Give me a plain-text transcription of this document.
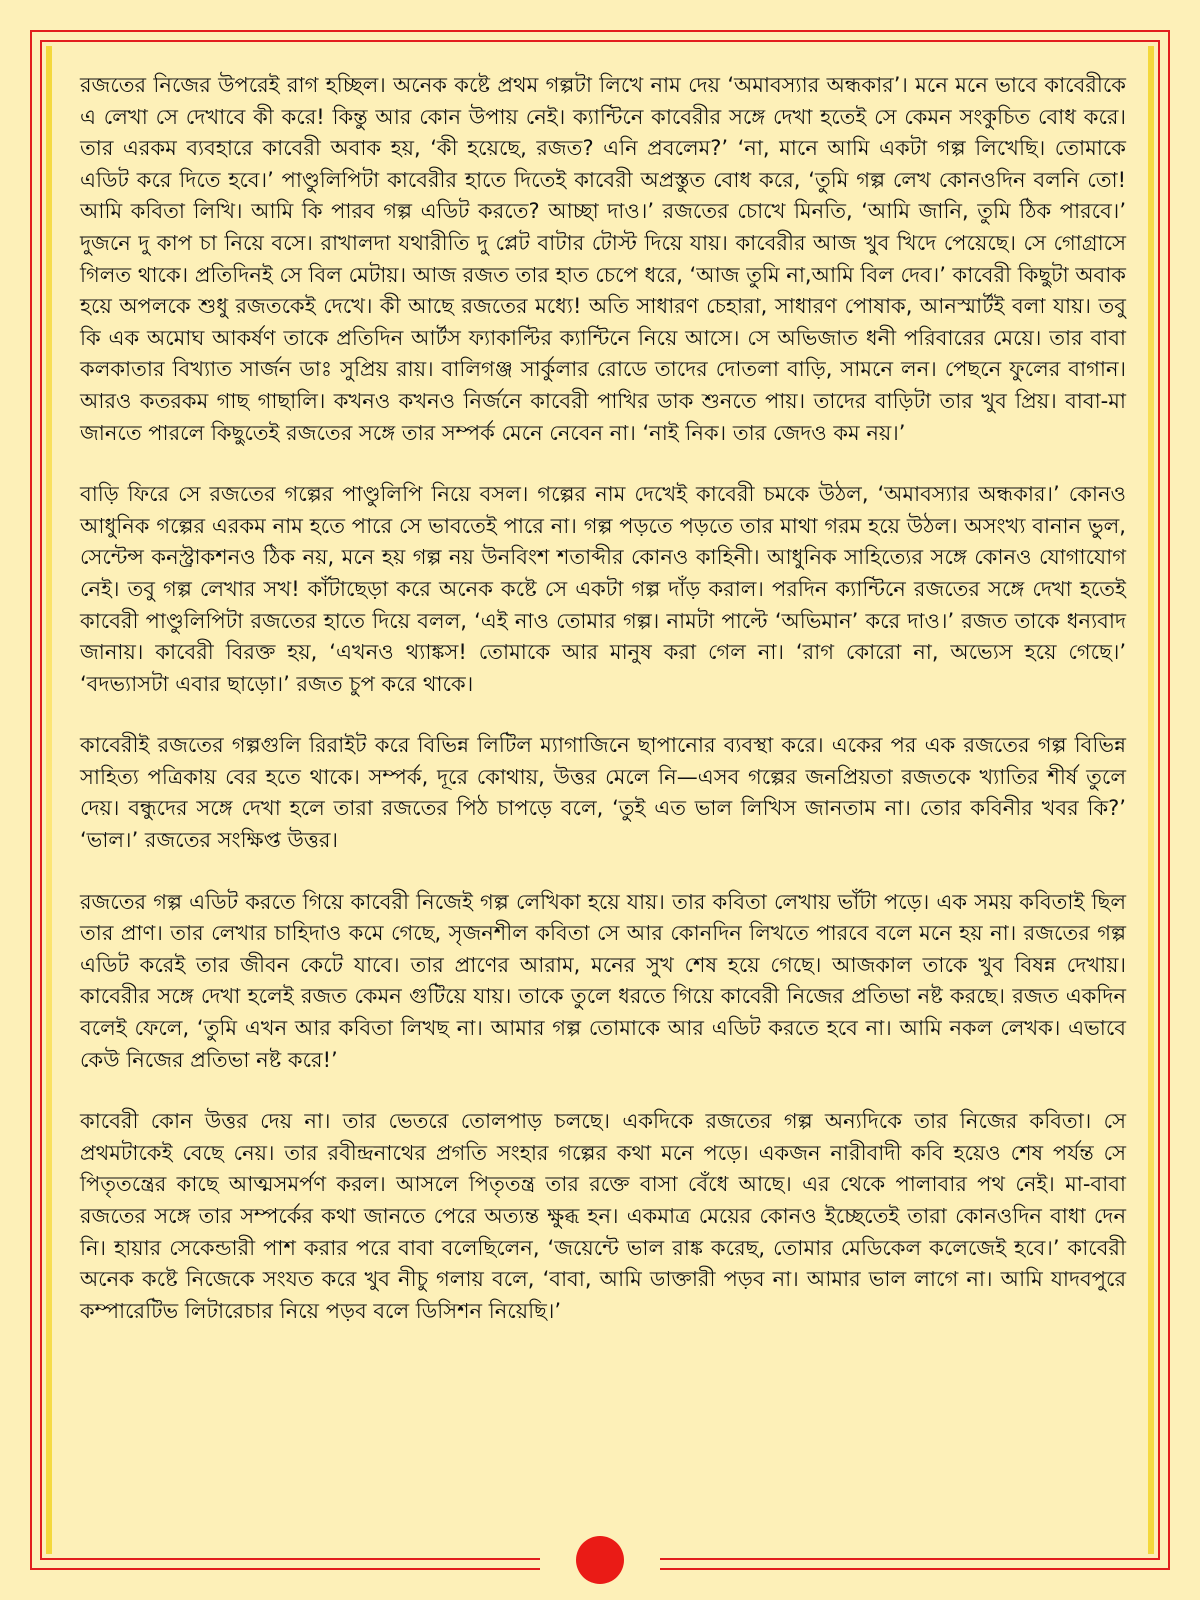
রজতের নিজের উপরেই রাগ হচ্ছিল। অনেক কষ্টে প্রথম গল্পটা লিখে নাম দেয় ‘অমাবস্যার অন্ধকার’। মনে মনে ভাবে কাবেরীকে এ লেখা সে দেখাবে কী করে! কিন্তু আর কোন উপায় নেই। ক্যান্টিনে কাবেরীর সঙ্গে দেখা হতেই সে কেমন সংকুচিত বোধ করে। তার এরকম ব্যবহারে কাবেরী অবাক হয়, ‘কী হয়েছে, রজত? এনি প্রবলেম?’ ‘না, মানে আমি একটা গল্প লিখেছি। তোমাকে এডিট করে দিতে হবে।’ পাণ্ডুলিপিটা কাবেরীর হাতে দিতেই কাবেরী অপ্রস্তুত বোধ করে, ‘তুমি গল্প লেখ কোনওদিন বলনি তো! আমি কবিতা লিখি। আমি কি পারব গল্প এডিট করতে? আচ্ছা দাও।’ রজতের চোখে মিনতি, ‘আমি জানি, তুমি ঠিক পারবে।’ দুজনে দু কাপ চা নিয়ে বসে। রাখালদা যথারীতি দু প্লেট বাটার টোস্ট দিয়ে যায়। কাবেরীর আজ খুব খিদে পেয়েছে। সে গোগ্রাসে গিলত থাকে। প্রতিদিনই সে বিল মেটায়। আজ রজত তার হাত চেপে ধরে, ‘আজ তুমি না,আমি বিল দেব।’ কাবেরী কিছুটা অবাক হয়ে অপলকে শুধু রজতকেই দেখে। কী আছে রজতের মধ্যে! অতি সাধারণ চেহারা, সাধারণ পোষাক, আনস্মার্টই বলা যায়। তবু কি এক অমোঘ আকর্ষণ তাকে প্রতিদিন আর্টস ফ্যাকাল্টির ক্যান্টিনে নিয়ে আসে। সে অভিজাত ধনী পরিবারের মেয়ে। তার বাবা কলকাতার বিখ্যাত সার্জন ডাঃ সুপ্রিয় রায়। বালিগঞ্জ সার্কুলার রোডে তাদের দোতলা বাড়ি, সামনে লন। পেছনে ফুলের বাগান। আরও কতরকম গাছ গাছালি। কখনও কখনও নির্জনে কাবেরী পাখির ডাক শুনতে পায়। তাদের বাড়িটা তার খুব প্রিয়। বাবা-মা জানতে পারলে কিছুতেই রজতের সঙ্গে তার সম্পর্ক মেনে নেবেন না। ‘নাই নিক। তার জেদও কম নয়।’

বাড়ি ফিরে সে রজতের গল্পের পাণ্ডুলিপি নিয়ে বসল। গল্পের নাম দেখেই কাবেরী চমকে উঠল, ‘অমাবস্যার অন্ধকার।’ কোনও আধুনিক গল্পের এরকম নাম হতে পারে সে ভাবতেই পারে না। গল্প পড়তে পড়তে তার মাথা গরম হয়ে উঠল। অসংখ্য বানান ভুল, সেন্টেন্স কনস্ট্রাকশনও ঠিক নয়, মনে হয় গল্প নয় উনবিংশ শতাব্দীর কোনও কাহিনী। আধুনিক সাহিত্যের সঙ্গে কোনও যোগাযোগ নেই। তবু গল্প লেখার সখ! কাঁটাছেড়া করে অনেক কষ্টে সে একটা গল্প দাঁড় করাল। পরদিন ক্যান্টিনে রজতের সঙ্গে দেখা হতেই কাবেরী পাণ্ডুলিপিটা রজতের হাতে দিয়ে বলল, ‘এই নাও তোমার গল্প। নামটা পাল্টে ‘অভিমান’ করে দাও।’ রজত তাকে ধন্যবাদ জানায়। কাবেরী বিরক্ত হয়, ‘এখনও থ্যাঙ্কস! তোমাকে আর মানুষ করা গেল না। ‘রাগ কোরো না, অভ্যেস হয়ে গেছে।’ ‘বদভ্যাসটা এবার ছাড়ো।’ রজত চুপ করে থাকে।

কাবেরীই রজতের গল্পগুলি রিরাইট করে বিভিন্ন লিটিল ম্যাগাজিনে ছাপানোর ব্যবস্থা করে। একের পর এক রজতের গল্প বিভিন্ন সাহিত্য পত্রিকায় বের হতে থাকে। সম্পর্ক, দূরে কোথায়, উত্তর মেলে নি—এসব গল্পের জনপ্রিয়তা রজতকে খ্যাতির শীর্ষ তুলে দেয়। বন্ধুদের সঙ্গে দেখা হলে তারা রজতের পিঠ চাপড়ে বলে, ‘তুই এত ভাল লিখিস জানতাম না। তোর কবিনীর খবর কি?’ ‘ভাল।’ রজতের সংক্ষিপ্ত উত্তর।

রজতের গল্প এডিট করতে গিয়ে কাবেরী নিজেই গল্প লেখিকা হয়ে যায়। তার কবিতা লেখায় ভাঁটা পড়ে। এক সময় কবিতাই ছিল তার প্রাণ। তার লেখার চাহিদাও কমে গেছে, সৃজনশীল কবিতা সে আর কোনদিন লিখতে পারবে বলে মনে হয় না। রজতের গল্প এডিট করেই তার জীবন কেটে যাবে। তার প্রাণের আরাম, মনের সুখ শেষ হয়ে গেছে। আজকাল তাকে খুব বিষন্ন দেখায়। কাবেরীর সঙ্গে দেখা হলেই রজত কেমন গুটিয়ে যায়। তাকে তুলে ধরতে গিয়ে কাবেরী নিজের প্রতিভা নষ্ট করছে। রজত একদিন বলেই ফেলে, ‘তুমি এখন আর কবিতা লিখছ না। আমার গল্প তোমাকে আর এডিট করতে হবে না। আমি নকল লেখক। এভাবে কেউ নিজের প্রতিভা নষ্ট করে!’

কাবেরী কোন উত্তর দেয় না। তার ভেতরে তোলপাড় চলছে। একদিকে রজতের গল্প অন্যদিকে তার নিজের কবিতা। সে প্রথমটাকেই বেছে নেয়। তার রবীন্দ্রনাথের প্রগতি সংহার গল্পের কথা মনে পড়ে। একজন নারীবাদী কবি হয়েও শেষ পর্যন্ত সে পিতৃতন্ত্রের কাছে আত্মসমর্পণ করল। আসলে পিতৃতন্ত্র তার রক্তে বাসা বেঁধে আছে। এর থেকে পালাবার পথ নেই। মা-বাবা রজতের সঙ্গে তার সম্পর্কের কথা জানতে পেরে অত্যন্ত ক্ষুব্ধ হন। একমাত্র মেয়ের কোনও ইচ্ছেতেই তারা কোনওদিন বাধা দেন নি। হায়ার সেকেন্ডারী পাশ করার পরে বাবা বলেছিলেন, ‘জয়েন্টে ভাল রাঙ্ক করেছ, তোমার মেডিকেল কলেজেই হবে।’ কাবেরী অনেক কষ্টে নিজেকে সংযত করে খুব নীচু গলায় বলে, ‘বাবা, আমি ডাক্তারী পড়ব না। আমার ভাল লাগে না। আমি যাদবপুরে কম্পারেটিভ লিটারেচার নিয়ে পড়ব বলে ডিসিশন নিয়েছি।’
